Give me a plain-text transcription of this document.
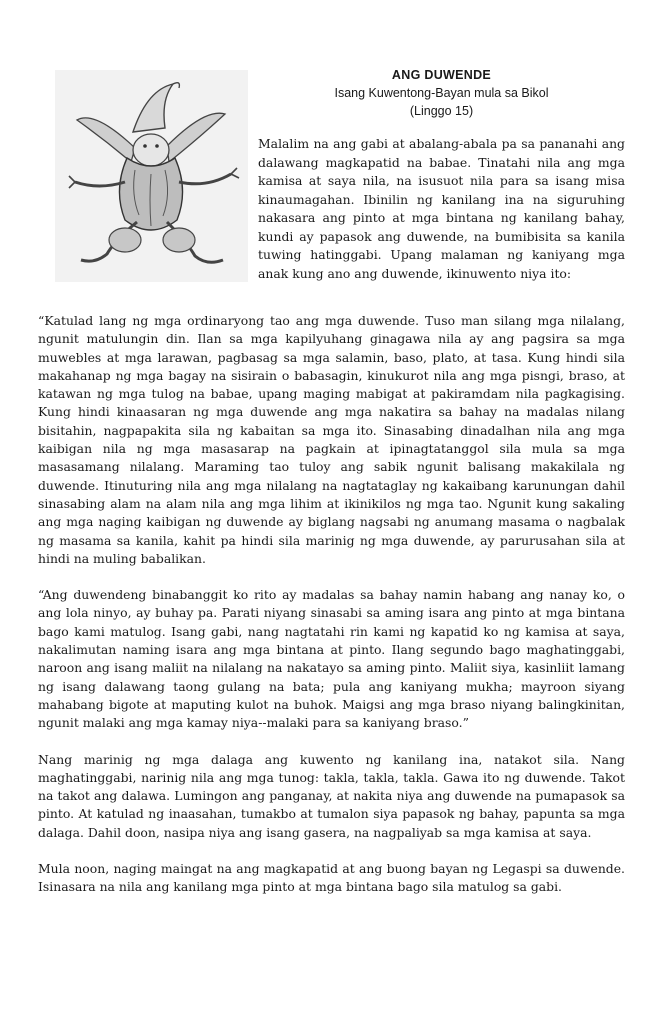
ANG DUWENDE

Isang Kuwentong-Bayan mula sa Bikol

(Linggo 15)

Malalim na ang gabi at abalang-abala pa sa pananahi ang dalawang magkapatid na babae. Tinatahi nila ang mga kamisa at saya nila, na isusuot nila para sa isang misa kinaumagahan. Ibinilin ng kanilang ina na siguruhing nakasara ang pinto at mga bintana ng kanilang bahay, kundi ay papasok ang duwende, na bumibisita sa kanila tuwing hatinggabi. Upang malaman ng kaniyang mga anak kung ano ang duwende, ikinuwento niya ito:

“Katulad lang ng mga ordinaryong tao ang mga duwende. Tuso man silang mga nilalang, ngunit matulungin din. Ilan sa mga kapilyuhang ginagawa nila ay ang pagsira sa mga muwebles at mga larawan, pagbasag sa mga salamin, baso, plato, at tasa. Kung hindi sila makahanap ng mga bagay na sisirain o babasagin, kinukurot nila ang mga pisngi, braso, at katawan ng mga tulog na babae, upang maging mabigat at pakiramdam nila pagkagising. Kung hindi kinaasaran ng mga duwende ang mga nakatira sa bahay na madalas nilang bisitahin, nagpapakita sila ng kabaitan sa mga ito. Sinasabing dinadalhan nila ang mga kaibigan nila ng mga masasarap na pagkain at ipinagtatanggol sila mula sa mga masasamang nilalang. Maraming tao tuloy ang sabik ngunit balisang makakilala ng duwende. Itinuturing nila ang mga nilalang na nagtataglay ng kakaibang karunungan dahil sinasabing alam na alam nila ang mga lihim at ikinikilos ng mga tao. Ngunit kung sakaling ang mga naging kaibigan ng duwende ay biglang nagsabi ng anumang masama o nagbalak ng masama sa kanila, kahit pa hindi sila marinig ng mga duwende, ay parurusahan sila at hindi na muling babalikan.

“Ang duwendeng binabanggit ko rito ay madalas sa bahay namin habang ang nanay ko, o ang lola ninyo, ay buhay pa. Parati niyang sinasabi sa aming isara ang pinto at mga bintana bago kami matulog. Isang gabi, nang nagtatahi rin kami ng kapatid ko ng kamisa at saya, nakalimutan naming isara ang mga bintana at pinto. Ilang segundo bago maghatinggabi, naroon ang isang maliit na nilalang na nakatayo sa aming pinto. Maliit siya, kasinliit lamang ng isang dalawang taong gulang na bata; pula ang kaniyang mukha; mayroon siyang mahabang bigote at maputing kulot na buhok. Maigsi ang mga braso niyang balingkinitan, ngunit malaki ang mga kamay niya--malaki para sa kaniyang braso.”

Nang marinig ng mga dalaga ang kuwento ng kanilang ina, natakot sila. Nang maghatinggabi, narinig nila ang mga tunog: takla, takla, takla. Gawa ito ng duwende. Takot na takot ang dalawa. Lumingon ang panganay, at nakita niya ang duwende na pumapasok sa pinto. At katulad ng inaasahan, tumakbo at tumalon siya papasok ng bahay, papunta sa mga dalaga. Dahil doon, nasipa niya ang isang gasera, na nagpaliyab sa mga kamisa at saya.

Mula noon, naging maingat na ang magkapatid at ang buong bayan ng Legaspi sa duwende. Isinasara na nila ang kanilang mga pinto at mga bintana bago sila matulog sa gabi.
